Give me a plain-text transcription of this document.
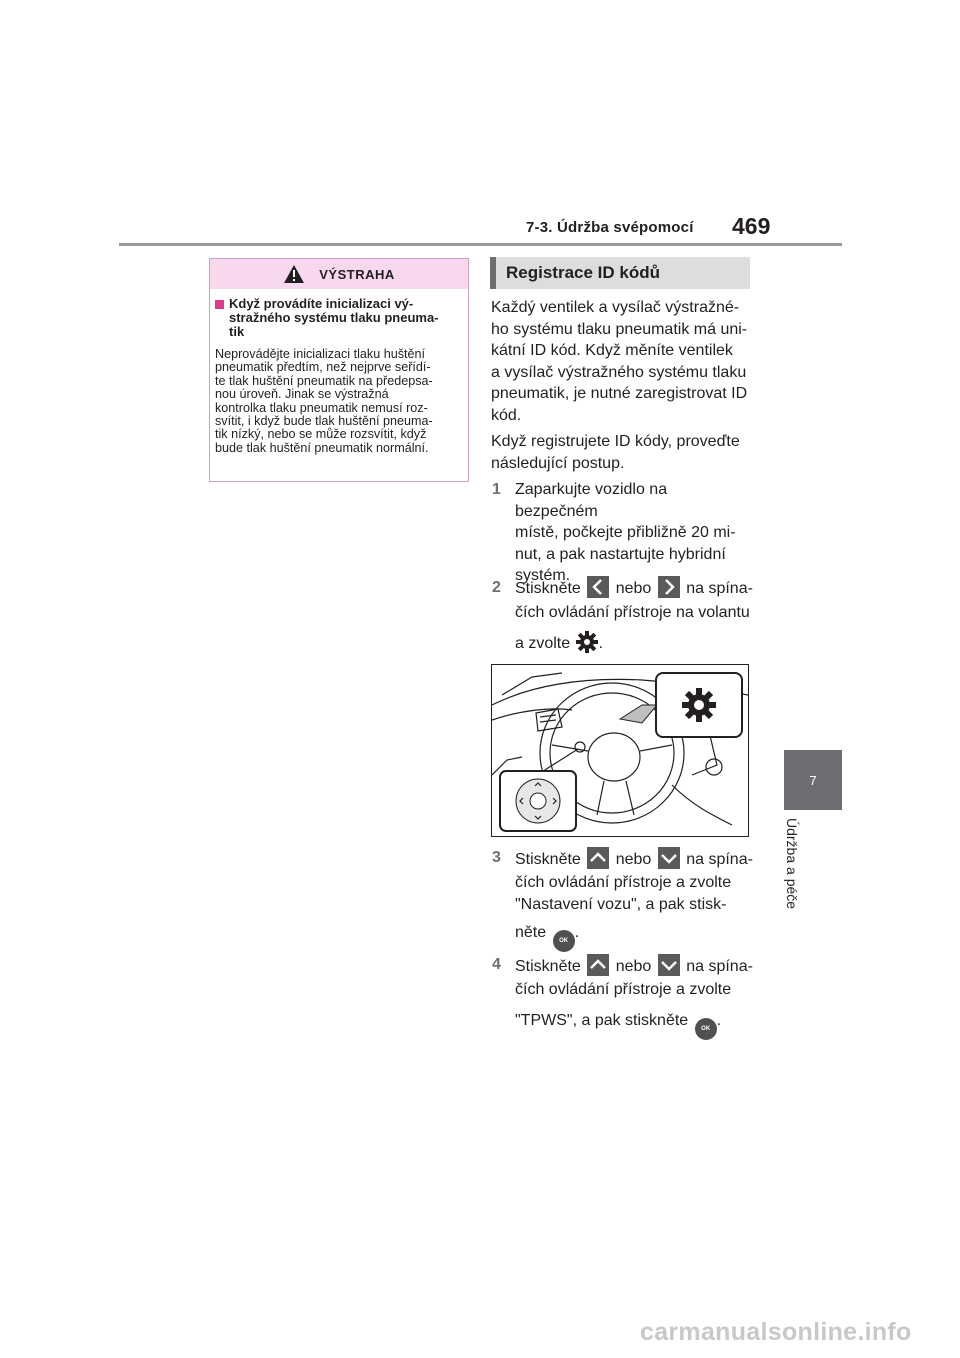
7-3. Údržba svépomocí 469
7
Údržba a péče
VÝSTRAHA
Když provádíte inicializaci vý-
stražného systému tlaku pneuma-
tik
Neprovádějte inicializaci tlaku huštění
pneumatik předtím, než nejprve seřídí-
te tlak huštění pneumatik na předepsa-
nou úroveň. Jinak se výstražná
kontrolka tlaku pneumatik nemusí roz-
svítit, i když bude tlak huštění pneuma-
tik nízký, nebo se může rozsvítit, když
bude tlak huštění pneumatik normální.
Registrace ID kódů
Každý ventilek a vysílač výstražné-
ho systému tlaku pneumatik má uni-
kátní ID kód. Když měníte ventilek
a vysílač výstražného systému tlaku
pneumatik, je nutné zaregistrovat ID
kód.
Když registrujete ID kódy, proveďte
následující postup.
1 Zaparkujte vozidlo na bezpečném
místě, počkejte přibližně 20 mi-
nut, a pak nastartujte hybridní
systém.
2 Stiskněte nebo na spína-
čích ovládání přístroje na volantu
a zvolte .
3 Stiskněte nebo na spína-
čích ovládání přístroje a zvolte
"Nastavení vozu", a pak stisk-
něte OK .
4 Stiskněte nebo na spína-
čích ovládání přístroje a zvolte
"TPWS", a pak stiskněte OK .
carmanualsonline.info
